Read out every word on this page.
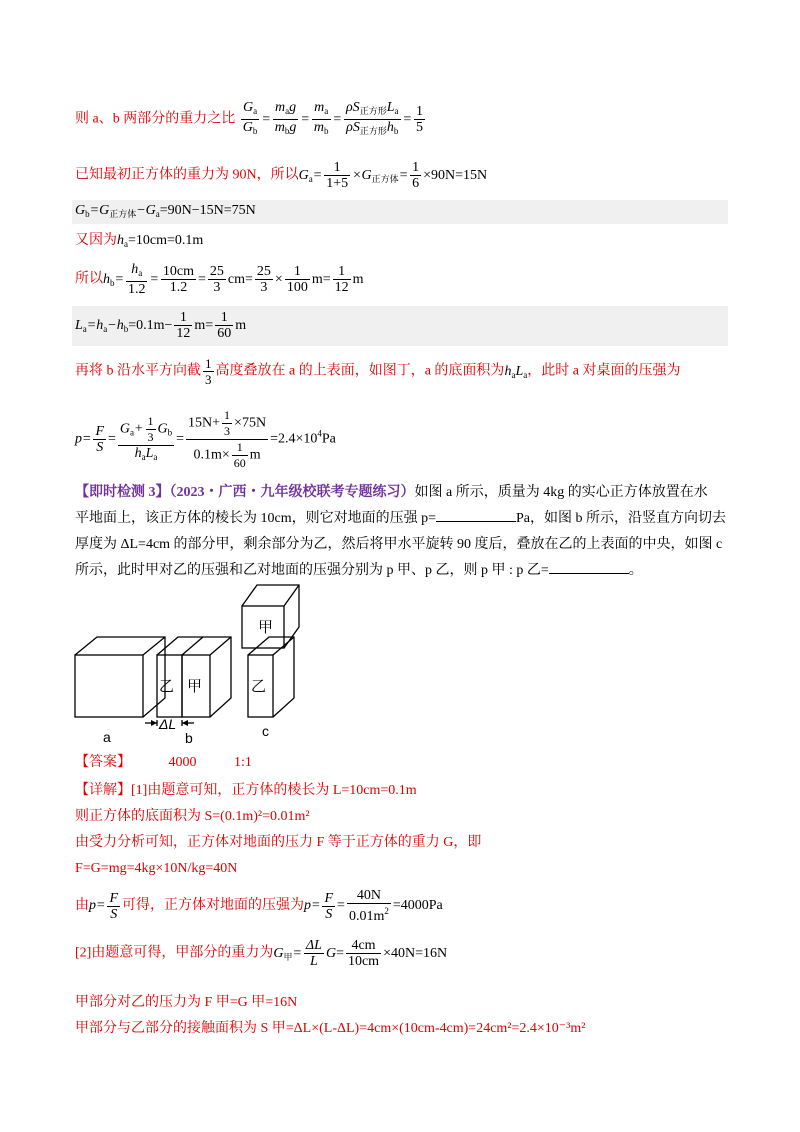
则 a、b 两部分的重力之比 $\frac{G_a}{G_b} = \frac{m_ag}{m_bg} = \frac{m_a}{m_b} = \frac{\rho S_{正方形}L_a}{\rho S_{正方形}h_b} = \frac{1}{5}$
已知最初正方体的重力为 90N，所以$G_a= \frac{1}{1+5} \times G_{正方体}= \frac{1}{6} \times 90N=15N$
$G_b=G_{正方体}-G_a=90N-15N=75N$
又因为$h_a=10cm=0.1m$
所以$h_b= \frac{h_a}{1.2} = \frac{10cm}{1.2} = \frac{25}{3} cm= \frac{25}{3} \times \frac{1}{100} m= \frac{1}{12}$ m
$L_a=h_a-h_b=0.1m- \frac{1}{12} m= \frac{1}{60}$ m
再将 b 沿水平方向截 $\frac{1}{3}$ 高度叠放在 a 的上表面，如图丁，a 的底面积为$h_aL_a$，此时 a 对桌面的压强为
$p= \frac{F}{S} = \frac{G_a+ \frac{1}{3} G_b}{h_aL_a} = \frac{15N+ \frac{1}{3} \times 75N}{0.1m\times \frac{1}{60} m} =2.4\times 10^4Pa$
【即时检测 3】（2023・广西・九年级校联考专题练习）如图 a 所示，质量为 4kg 的实心正方体放置在水
平地面上，该正方体的棱长为 10cm，则它对地面的压强 p=	Pa，如图 b 所示，沿竖直方向切去
厚度为 ΔL=4cm 的部分甲，剩余部分为乙，然后将甲水平旋转 90 度后，叠放在乙的上表面的中央，如图 c
所示，此时甲对乙的压强和乙对地面的压强分别为 p 甲、p 乙，则 p 甲 : p 乙=	。
乙 甲	乙
甲
ΔL
a	b	c
【答案】	4000	1:1
【详解】[1]由题意可知，正方体的棱长为 L=10cm=0.1m
则正方体的底面积为 S=(0.1m)²=0.01m²
由受力分析可知，正方体对地面的压力 F 等于正方体的重力 G，即
F=G=mg=4kg×10N/kg=40N
由$p= \frac{F}{S}$ 可得，正方体对地面的压强为$p= \frac{F}{S} = \frac{40N}{0.01m^2} =4000Pa$
[2]由题意可得，甲部分的重力为$G_甲= \frac{\Delta L}{L} G= \frac{4cm}{10cm} \times 40N=16N$
甲部分对乙的压力为 F 甲=G 甲=16N
甲部分与乙部分的接触面积为 S 甲=ΔL×(L-ΔL)=4cm×(10cm-4cm)=24cm²=2.4×10⁻³m²
